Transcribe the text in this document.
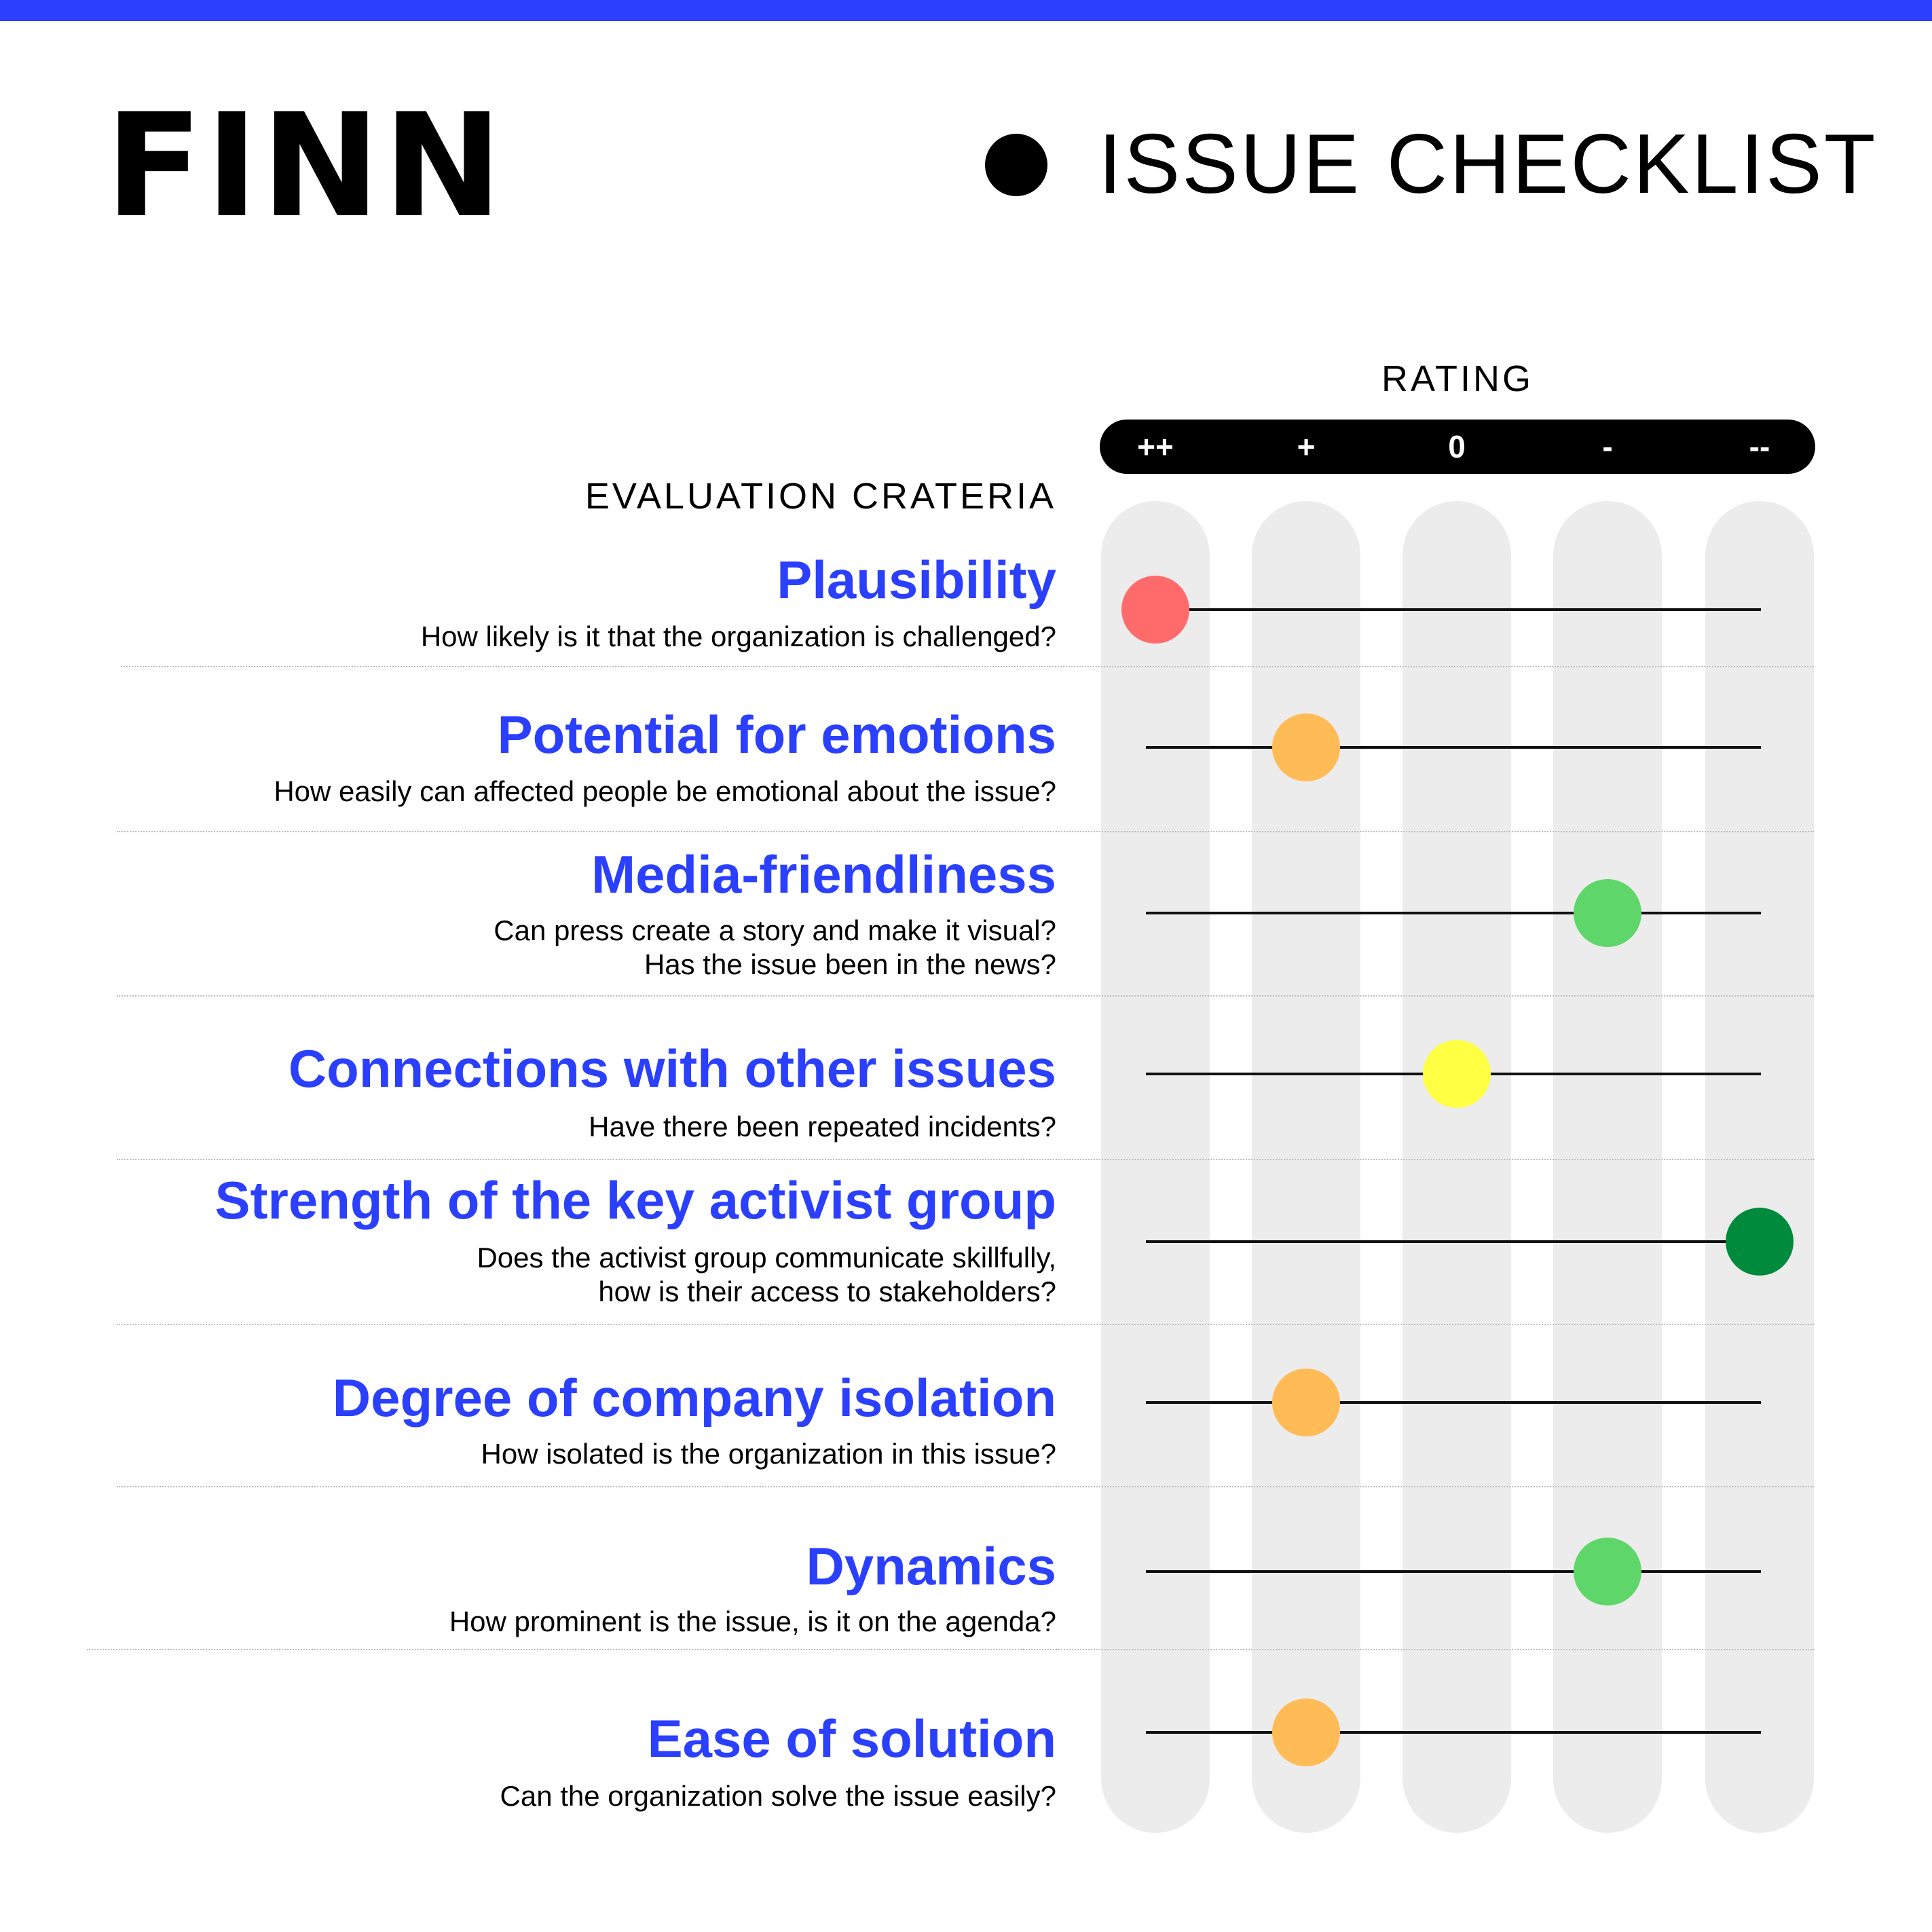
FINN	ISSUE CHECKLIST
RATING
++	+	0	-	--
EVALUATION CRATERIA
Plausibility
How likely is it that the organization is challenged?
Potential for emotions
How easily can affected people be emotional about the issue?
Media-friendliness
Can press create a story and make it visual?
Has the issue been in the news?
Connections with other issues
Have there been repeated incidents?
Strength of the key activist group
Does the activist group communicate skillfully,
how is their access to stakeholders?
Degree of company isolation
How isolated is the organization in this issue?
Dynamics
How prominent is the issue, is it on the agenda?
Ease of solution
Can the organization solve the issue easily?
